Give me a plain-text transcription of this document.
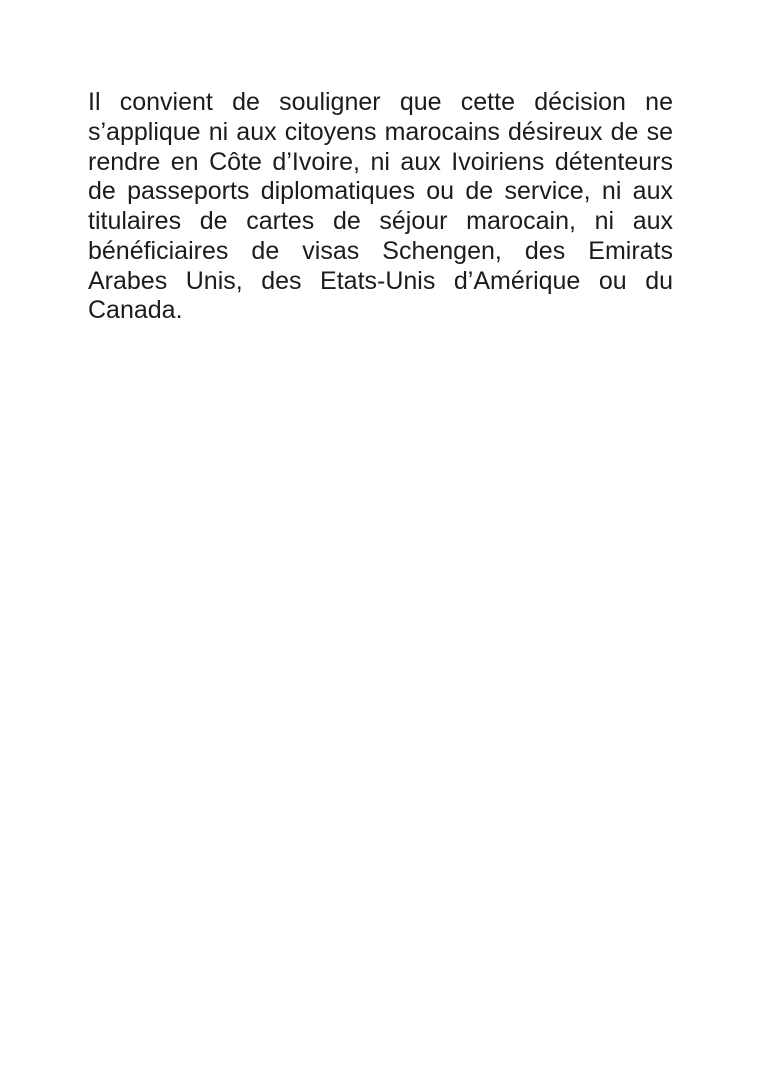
Il convient de souligner que cette décision ne
s’applique ni aux citoyens marocains désireux de se
rendre en Côte d’Ivoire, ni aux Ivoiriens détenteurs
de passeports diplomatiques ou de service, ni aux
titulaires de cartes de séjour marocain, ni aux
bénéficiaires de visas Schengen, des Emirats
Arabes Unis, des Etats-Unis d’Amérique ou du
Canada.
